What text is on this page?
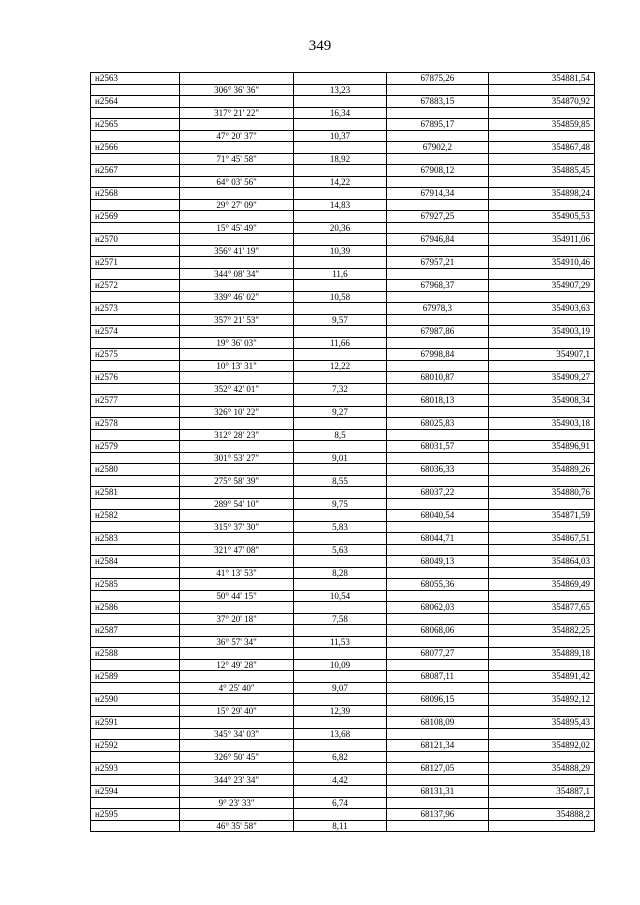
349
н2563			67875,26	354881,54
	306° 36' 36"	13,23		
н2564			67883,15	354870,92
	317° 21' 22"	16,34		
н2565			67895,17	354859,85
	47° 20' 37"	10,37		
н2566			67902,2	354867,48
	71° 45' 58"	18,92		
н2567			67908,12	354885,45
	64° 03' 56"	14,22		
н2568			67914,34	354898,24
	29° 27' 09"	14,83		
н2569			67927,25	354905,53
	15° 45' 49"	20,36		
н2570			67946,84	354911,06
	356° 41' 19"	10,39		
н2571			67957,21	354910,46
	344° 08' 34"	11,6		
н2572			67968,37	354907,29
	339° 46' 02"	10,58		
н2573			67978,3	354903,63
	357° 21' 53"	9,57		
н2574			67987,86	354903,19
	19° 36' 03"	11,66		
н2575			67998,84	354907,1
	10° 13' 31"	12,22		
н2576			68010,87	354909,27
	352° 42' 01"	7,32		
н2577			68018,13	354908,34
	326° 10' 22"	9,27		
н2578			68025,83	354903,18
	312° 28' 23"	8,5		
н2579			68031,57	354896,91
	301° 53' 27"	9,01		
н2580			68036,33	354889,26
	275° 58' 39"	8,55		
н2581			68037,22	354880,76
	289° 54' 10"	9,75		
н2582			68040,54	354871,59
	315° 37' 30"	5,83		
н2583			68044,71	354867,51
	321° 47' 08"	5,63		
н2584			68049,13	354864,03
	41° 13' 53"	8,28		
н2585			68055,36	354869,49
	50° 44' 15"	10,54		
н2586			68062,03	354877,65
	37° 20' 18"	7,58		
н2587			68068,06	354882,25
	36° 57' 34"	11,53		
н2588			68077,27	354889,18
	12° 49' 28"	10,09		
н2589			68087,11	354891,42
	4° 25' 40"	9,07		
н2590			68096,15	354892,12
	15° 29' 40"	12,39		
н2591			68108,09	354895,43
	345° 34' 03"	13,68		
н2592			68121,34	354892,02
	326° 50' 45"	6,82		
н2593			68127,05	354888,29
	344° 23' 34"	4,42		
н2594			68131,31	354887,1
	9° 23' 33"	6,74		
н2595			68137,96	354888,2
	46° 35' 58"	8,11		
